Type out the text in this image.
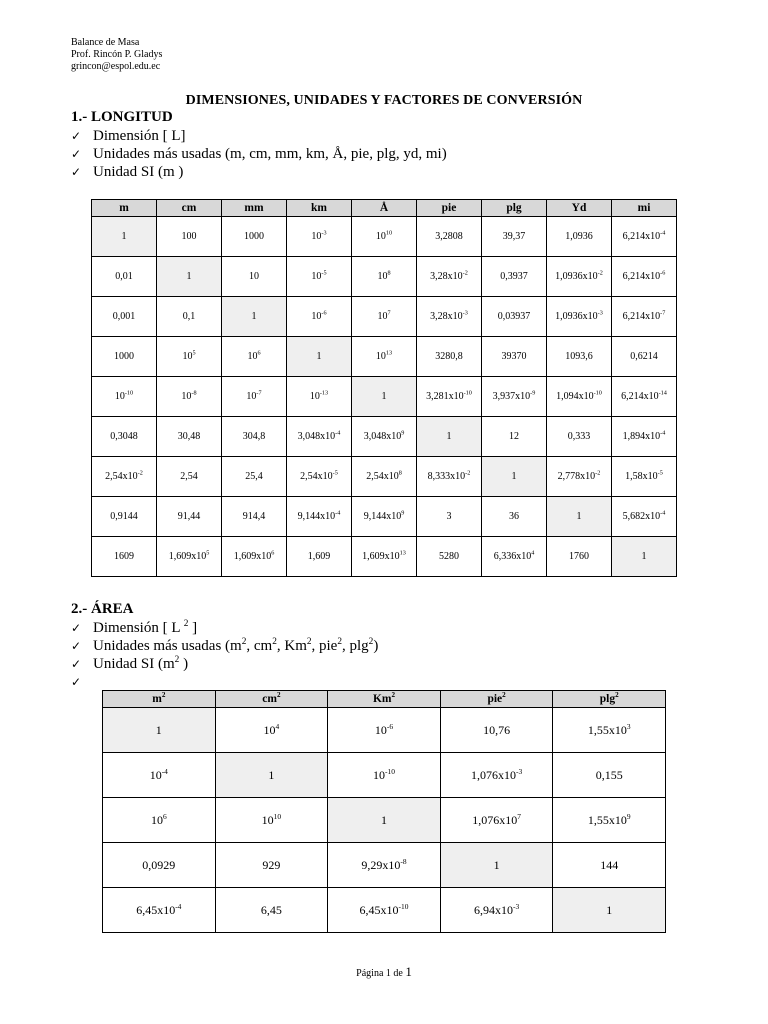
Balance de Masa
Prof. Rincón P. Gladys
grincon@espol.edu.ec
DIMENSIONES, UNIDADES Y FACTORES DE CONVERSIÓN
1.- LONGITUD
✓ Dimensión [ L]
✓ Unidades más usadas (m, cm, mm, km, Å, pie, plg, yd, mi)
✓ Unidad SI (m )
m	cm	mm	km	Å	pie	plg	Yd	mi
1	100	1000	$10^{-3}$	$10^{10}$	3,2808	39,37	1,0936	$6,214x10^{-4}$
0,01	1	10	$10^{-5}$	$10^8$	$3,28x10^{-2}$	0,3937	$1,0936x10^{-2}$	$6,214x10^{-6}$
0,001	0,1	1	$10^{-6}$	$10^7$	$3,28x10^{-3}$	0,03937	$1,0936x10^{-3}$	$6,214x10^{-7}$
1000	$10^5$	$10^6$	1	$10^{13}$	3280,8	39370	1093,6	0,6214
$10^{-10}$	$10^{-8}$	$10^{-7}$	$10^{-13}$	1	$3,281x10^{-10}$	$3,937x10^{-9}$	$1,094x10^{-10}$	$6,214x10^{-14}$
0,3048	30,48	304,8	$3,048x10^{-4}$	$3,048x10^9$	1	12	0,333	$1,894x10^{-4}$
$2,54x10^{-2}$	2,54	25,4	$2,54x10^{-5}$	$2,54x10^8$	$8,333x10^{-2}$	1	$2,778x10^{-2}$	$1,58x10^{-5}$
0,9144	91,44	914,4	$9,144x10^{-4}$	$9,144x10^9$	3	36	1	$5,682x10^{-4}$
1609	$1,609x10^5$	$1,609x10^6$	1,609	$1,609x10^{13}$	5280	$6,336x10^4$	1760	1
2.- ÁREA
✓ Dimensión [ L $^2$ ]
✓ Unidades más usadas ($m^2$, $cm^2$, Km$^2$, pie$^2$, plg$^2$)
✓ Unidad SI ($m^2$ )
✓
$m^2$	$cm^2$	Km$^2$	pie$^2$	plg$^2$
1	$10^4$	$10^{-6}$	10,76	$1,55x10^3$
$10^{-4}$	1	$10^{-10}$	$1,076x10^{-3}$	0,155
$10^6$	$10^{10}$	1	$1,076x10^7$	$1,55x10^9$
0,0929	929	$9,29x10^{-8}$	1	144
$6,45x10^{-4}$	6,45	$6,45x10^{-10}$	$6,94x10^{-3}$	1
Página 1 de 1
